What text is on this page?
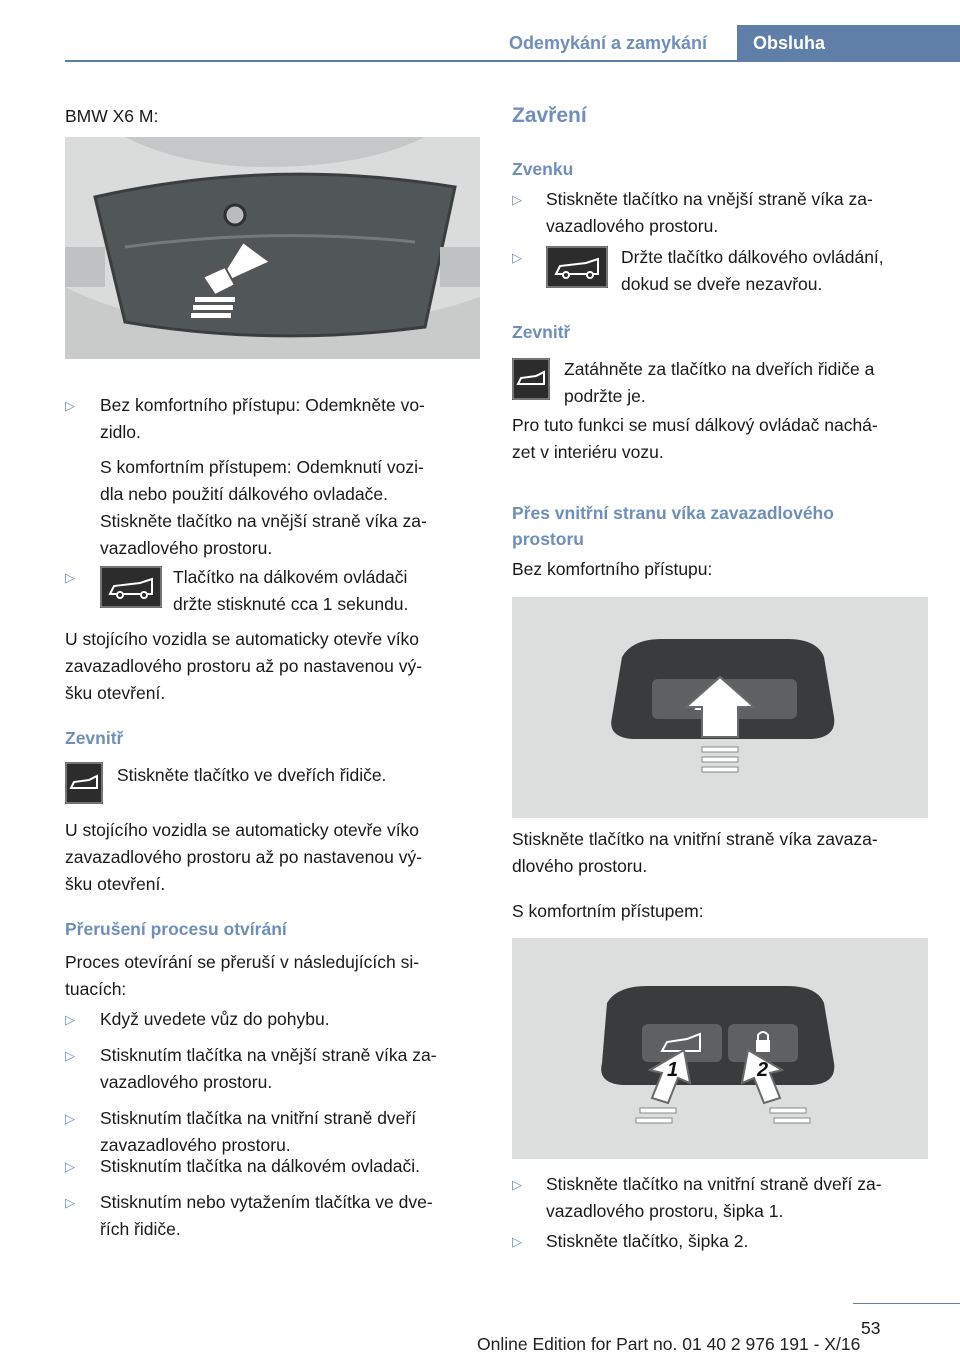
Odemykání a zamykání	Obsluha
BMW X6 M:
▷ Bez komfortního přístupu: Odemkněte vo-
zidlo.
S komfortním přístupem: Odemknutí vozi-
dla nebo použití dálkového ovladače.
Stiskněte tlačítko na vnější straně víka za-
vazadlového prostoru.
▷	Tlačítko na dálkovém ovládači
držte stisknuté cca 1 sekundu.
U stojícího vozidla se automaticky otevře víko
zavazadlového prostoru až po nastavenou vý-
šku otevření.
Zevnitř
Stiskněte tlačítko ve dveřích řidiče.
U stojícího vozidla se automaticky otevře víko
zavazadlového prostoru až po nastavenou vý-
šku otevření.
Přerušení procesu otvírání
Proces otevírání se přeruší v následujících si-
tuacích:
▷ Když uvedete vůz do pohybu.
▷ Stisknutím tlačítka na vnější straně víka za-
vazadlového prostoru.
▷ Stisknutím tlačítka na vnitřní straně dveří
zavazadlového prostoru.
▷ Stisknutím tlačítka na dálkovém ovladači.
▷ Stisknutím nebo vytažením tlačítka ve dve-
řích řidiče.
Zavření
Zvenku
▷ Stiskněte tlačítko na vnější straně víka za-
vazadlového prostoru.
▷	Držte tlačítko dálkového ovládání,
dokud se dveře nezavřou.
Zevnitř
Zatáhněte za tlačítko na dveřích řidiče a
podržte je.
Pro tuto funkci se musí dálkový ovládač nachá-
zet v interiéru vozu.
Přes vnitřní stranu víka zavazadlového
prostoru
Bez komfortního přístupu:
Stiskněte tlačítko na vnitřní straně víka zavaza-
dlového prostoru.
S komfortním přístupem:
1	2
▷ Stiskněte tlačítko na vnitřní straně dveří za-
vazadlového prostoru, šipka 1.
▷ Stiskněte tlačítko, šipka 2.
53
Online Edition for Part no. 01 40 2 976 191 - X/16
